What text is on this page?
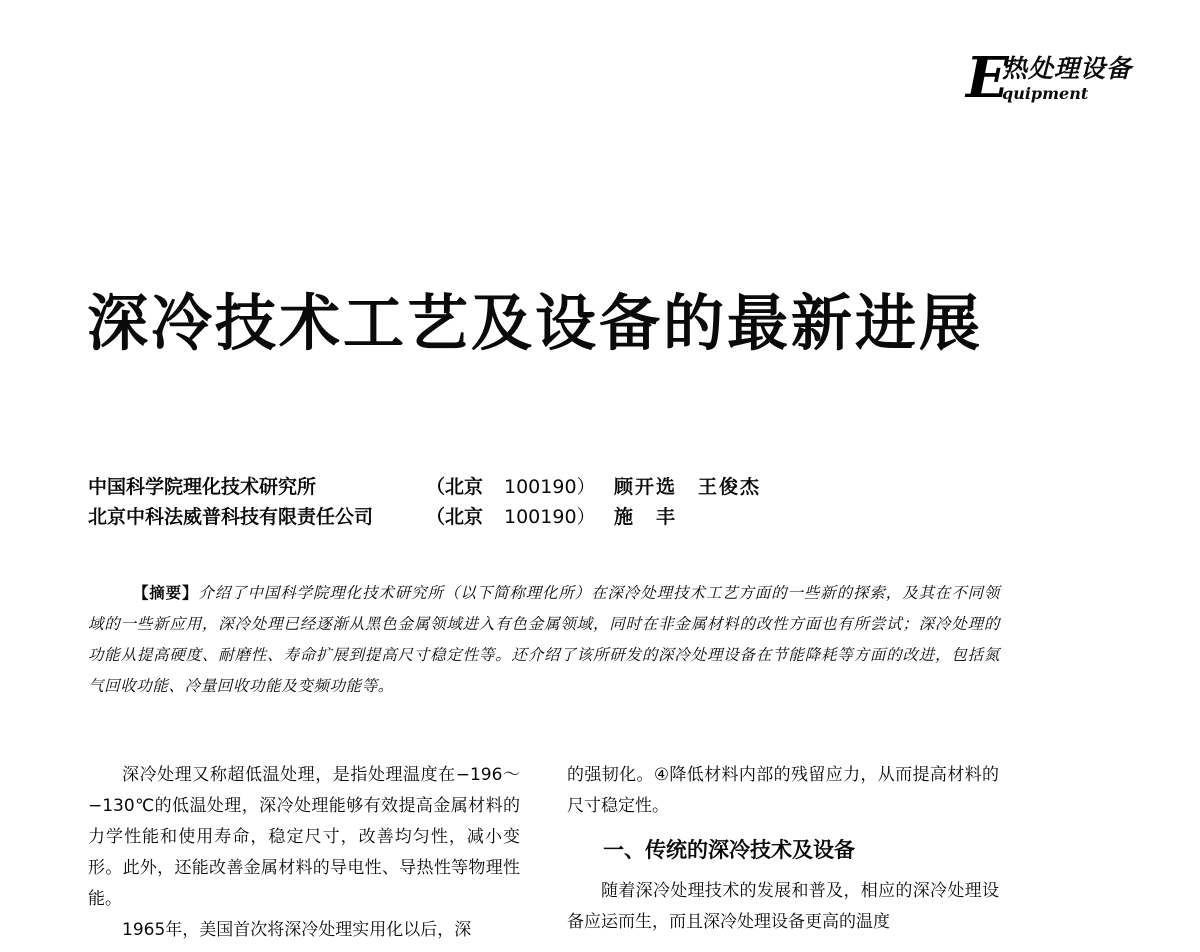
E
热处理设备
quipment
深冷技术工艺及设备的最新进展
中国科学院理化技术研究所	（北京 100190） 顾开选　王俊杰
北京中科法威普科技有限责任公司	（北京 100190） 施　丰

【摘要】介绍了中国科学院理化技术研究所（以下简称理化所）在深冷处理技术工艺方面的一些新的探索，及其在不同领域的一些新应用，深冷处理已经逐渐从黑色金属领域进入有色金属领域，同时在非金属材料的改性方面也有所尝试；深冷处理的功能从提高硬度、耐磨性、寿命扩展到提高尺寸稳定性等。还介绍了该所研发的深冷处理设备在节能降耗等方面的改进，包括氮气回收功能、冷量回收功能及变频功能等。

深冷处理又称超低温处理，是指处理温度在−196～−130℃的低温处理，深冷处理能够有效提高金属材料的力学性能和使用寿命，稳定尺寸，改善均匀性，减小变形。此外，还能改善金属材料的导电性、导热性等物理性能。

1965年，美国首次将深冷处理实用化以后，深

的强韧化。④降低材料内部的残留应力，从而提高材料的尺寸稳定性。

一、传统的深冷技术及设备

随着深冷处理技术的发展和普及，相应的深冷处理设备应运而生，而且深冷处理设备更高的温度
